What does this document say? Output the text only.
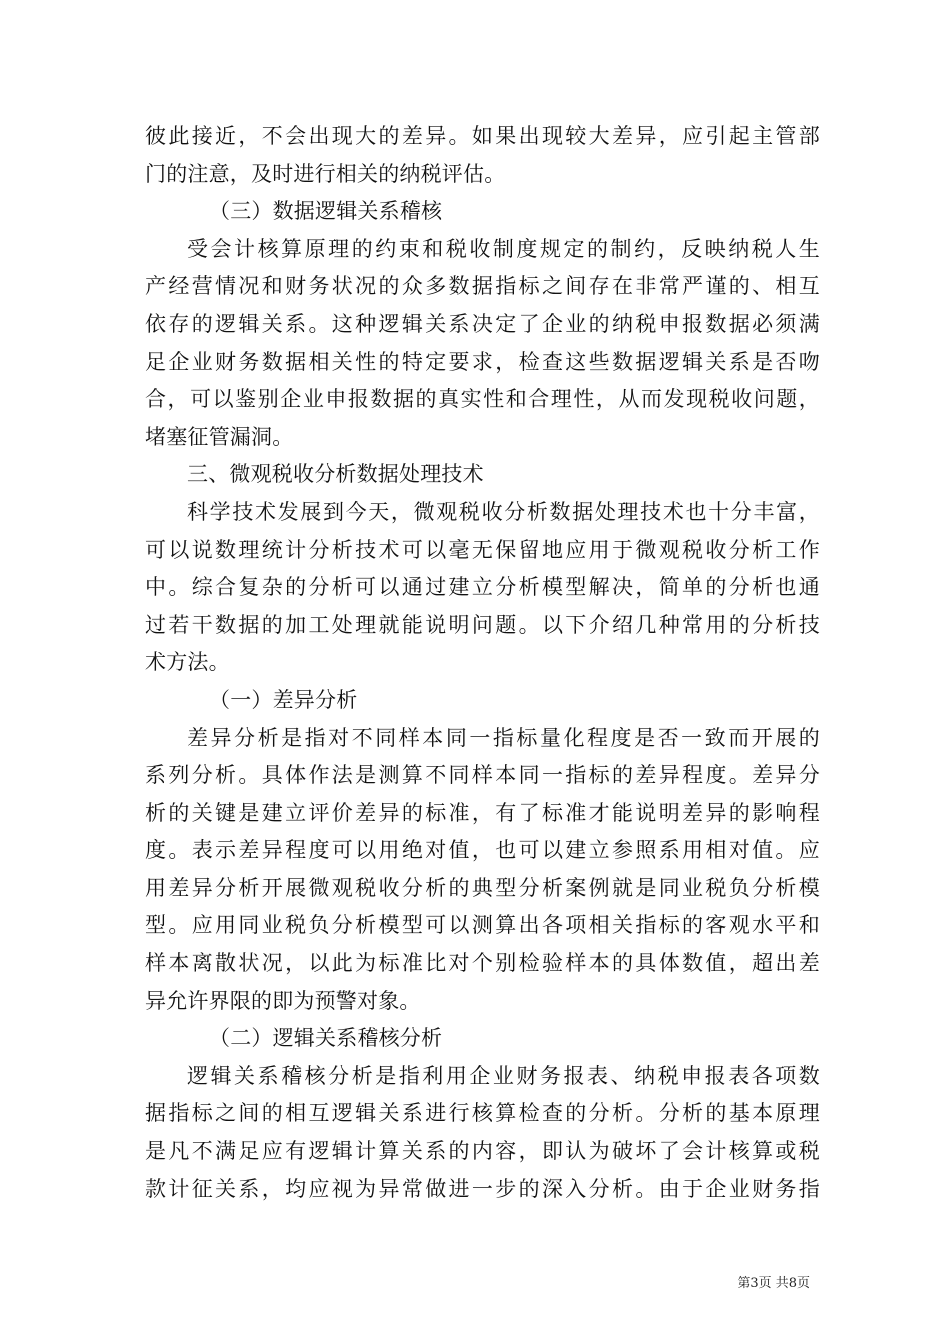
彼此接近，不会出现大的差异。如果出现较大差异，应引起主管部
门的注意，及时进行相关的纳税评估。
（三）数据逻辑关系稽核
受会计核算原理的约束和税收制度规定的制约，反映纳税人生
产经营情况和财务状况的众多数据指标之间存在非常严谨的、相互
依存的逻辑关系。这种逻辑关系决定了企业的纳税申报数据必须满
足企业财务数据相关性的特定要求，检查这些数据逻辑关系是否吻
合，可以鉴别企业申报数据的真实性和合理性，从而发现税收问题，
堵塞征管漏洞。
三、微观税收分析数据处理技术
科学技术发展到今天，微观税收分析数据处理技术也十分丰富，
可以说数理统计分析技术可以毫无保留地应用于微观税收分析工作
中。综合复杂的分析可以通过建立分析模型解决，简单的分析也通
过若干数据的加工处理就能说明问题。以下介绍几种常用的分析技
术方法。
（一）差异分析
差异分析是指对不同样本同一指标量化程度是否一致而开展的
系列分析。具体作法是测算不同样本同一指标的差异程度。差异分
析的关键是建立评价差异的标准，有了标准才能说明差异的影响程
度。表示差异程度可以用绝对值，也可以建立参照系用相对值。应
用差异分析开展微观税收分析的典型分析案例就是同业税负分析模
型。应用同业税负分析模型可以测算出各项相关指标的客观水平和
样本离散状况，以此为标准比对个别检验样本的具体数值，超出差
异允许界限的即为预警对象。
（二）逻辑关系稽核分析
逻辑关系稽核分析是指利用企业财务报表、纳税申报表各项数
据指标之间的相互逻辑关系进行核算检查的分析。分析的基本原理
是凡不满足应有逻辑计算关系的内容，即认为破坏了会计核算或税
款计征关系，均应视为异常做进一步的深入分析。由于企业财务指
第3页 共8页
